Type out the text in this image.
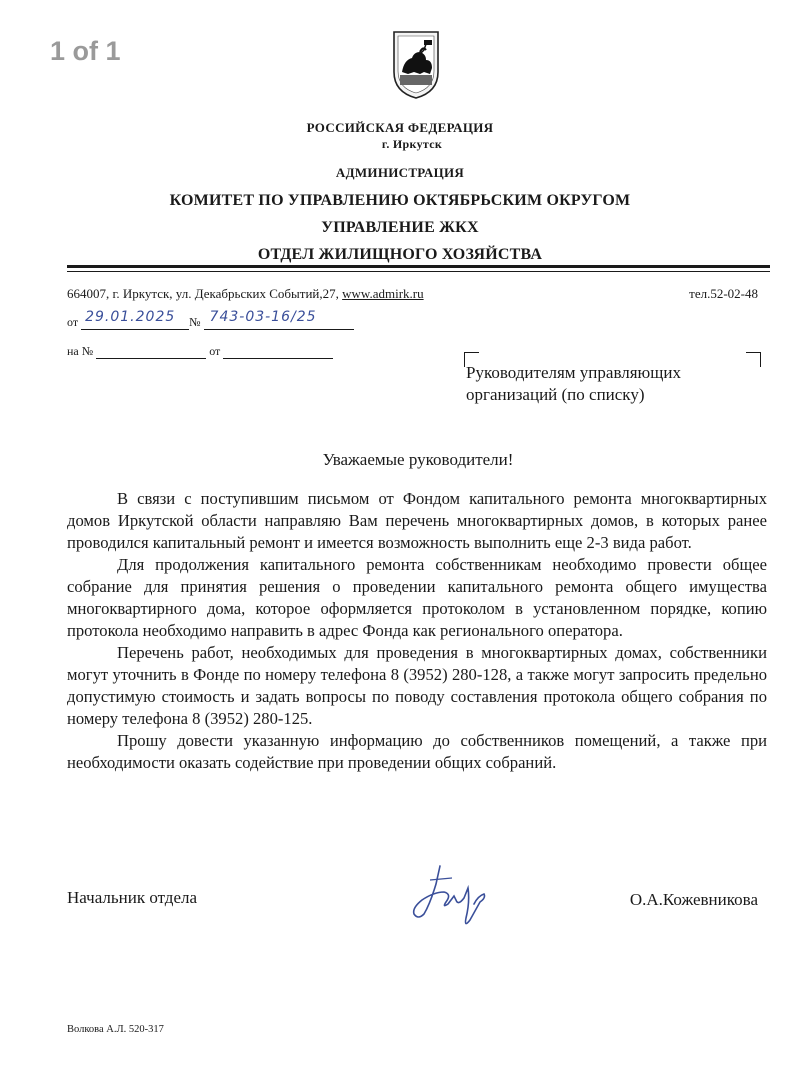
1 of 1
РОССИЙСКАЯ ФЕДЕРАЦИЯ
г. Иркутск
АДМИНИСТРАЦИЯ
КОМИТЕТ ПО УПРАВЛЕНИЮ ОКТЯБРЬСКИМ ОКРУГОМ
УПРАВЛЕНИЕ ЖКХ
ОТДЕЛ ЖИЛИЩНОГО ХОЗЯЙСТВА
664007, г. Иркутск, ул. Декабрьских Событий,27, www.admirk.ru	тел.52-02-48
от 29.01.2025 № 743-03-16/25
на №	от
Руководителям управляющих
организаций (по списку)
Уважаемые руководители!

В связи с поступившим письмом от Фондом капитального ремонта многоквартирных домов Иркутской области направляю Вам перечень многоквартирных домов, в которых ранее проводился капитальный ремонт и имеется возможность выполнить еще 2-3 вида работ.

Для продолжения капитального ремонта собственникам необходимо провести общее собрание для принятия решения о проведении капитального ремонта общего имущества многоквартирного дома, которое оформляется протоколом в установленном порядке, копию протокола необходимо направить в адрес Фонда как регионального оператора.

Перечень работ, необходимых для проведения в многоквартирных домах, собственники могут уточнить в Фонде по номеру телефона 8 (3952) 280-128, а также могут запросить предельно допустимую стоимость и задать вопросы по поводу составления протокола общего собрания по номеру телефона 8 (3952) 280-125.

Прошу довести указанную информацию до собственников помещений, а также при необходимости оказать содействие при проведении общих собраний.

Начальник отдела	О.А.Кожевникова
Волкова А.Л. 520-317
